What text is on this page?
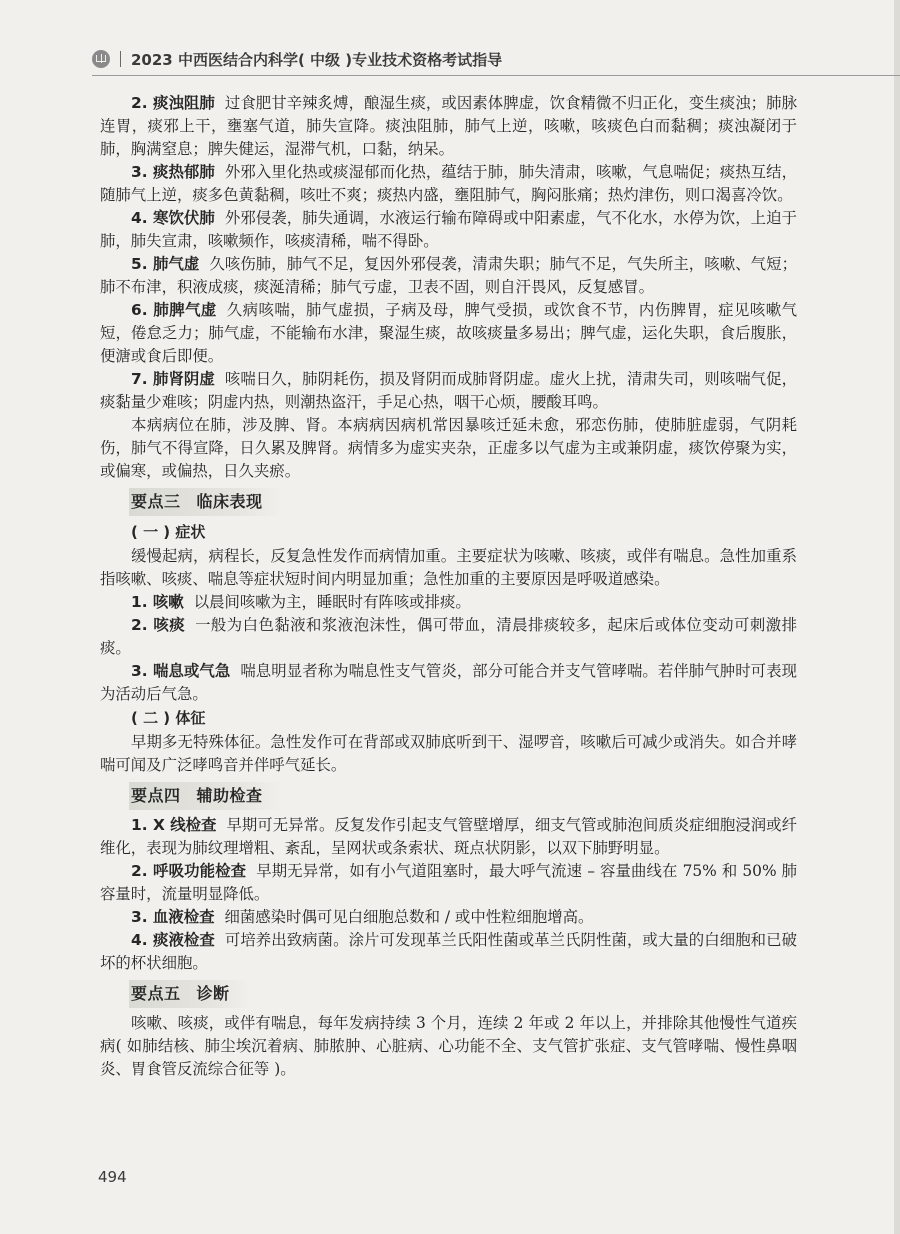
2023 中西医结合内科学( 中级 )专业技术资格考试指导

2. 痰浊阻肺 过食肥甘辛辣炙煿，酿湿生痰，或因素体脾虚，饮食精微不归正化，变生痰浊；肺脉连胃，痰邪上干，壅塞气道，肺失宣降。痰浊阻肺，肺气上逆，咳嗽，咳痰色白而黏稠；痰浊凝闭于肺，胸满窒息；脾失健运，湿滞气机，口黏，纳呆。

3. 痰热郁肺 外邪入里化热或痰湿郁而化热，蕴结于肺，肺失清肃，咳嗽，气息喘促；痰热互结，随肺气上逆，痰多色黄黏稠，咳吐不爽；痰热内盛，壅阻肺气，胸闷胀痛；热灼津伤，则口渴喜冷饮。

4. 寒饮伏肺 外邪侵袭，肺失通调，水液运行输布障碍或中阳素虚，气不化水，水停为饮，上迫于肺，肺失宣肃，咳嗽频作，咳痰清稀，喘不得卧。

5. 肺气虚 久咳伤肺，肺气不足，复因外邪侵袭，清肃失职；肺气不足，气失所主，咳嗽、气短；肺不布津，积液成痰，痰涎清稀；肺气亏虚，卫表不固，则自汗畏风，反复感冒。

6. 肺脾气虚 久病咳喘，肺气虚损，子病及母，脾气受损，或饮食不节，内伤脾胃，症见咳嗽气短，倦怠乏力；肺气虚，不能输布水津，聚湿生痰，故咳痰量多易出；脾气虚，运化失职，食后腹胀，便溏或食后即便。

7. 肺肾阴虚 咳喘日久，肺阴耗伤，损及肾阴而成肺肾阴虚。虚火上扰，清肃失司，则咳喘气促，痰黏量少难咳；阴虚内热，则潮热盗汗，手足心热，咽干心烦，腰酸耳鸣。

本病病位在肺，涉及脾、肾。本病病因病机常因暴咳迁延未愈，邪恋伤肺，使肺脏虚弱，气阴耗伤，肺气不得宣降，日久累及脾肾。病情多为虚实夹杂，正虚多以气虚为主或兼阴虚，痰饮停聚为实，或偏寒，或偏热，日久夹瘀。

要点三 临床表现
( 一 ) 症状

缓慢起病，病程长，反复急性发作而病情加重。主要症状为咳嗽、咳痰，或伴有喘息。急性加重系指咳嗽、咳痰、喘息等症状短时间内明显加重；急性加重的主要原因是呼吸道感染。

1. 咳嗽 以晨间咳嗽为主，睡眠时有阵咳或排痰。

2. 咳痰 一般为白色黏液和浆液泡沫性，偶可带血，清晨排痰较多，起床后或体位变动可刺激排痰。

3. 喘息或气急 喘息明显者称为喘息性支气管炎，部分可能合并支气管哮喘。若伴肺气肿时可表现为活动后气急。

( 二 ) 体征

早期多无特殊体征。急性发作可在背部或双肺底听到干、湿啰音，咳嗽后可减少或消失。如合并哮喘可闻及广泛哮鸣音并伴呼气延长。

要点四 辅助检查

1. X 线检查 早期可无异常。反复发作引起支气管壁增厚，细支气管或肺泡间质炎症细胞浸润或纤维化，表现为肺纹理增粗、紊乱，呈网状或条索状、斑点状阴影，以双下肺野明显。

2. 呼吸功能检查 早期无异常，如有小气道阻塞时，最大呼气流速 – 容量曲线在 75% 和 50% 肺容量时，流量明显降低。

3. 血液检查 细菌感染时偶可见白细胞总数和 / 或中性粒细胞增高。

4. 痰液检查 可培养出致病菌。涂片可发现革兰氏阳性菌或革兰氏阴性菌，或大量的白细胞和已破坏的杯状细胞。

要点五 诊断

咳嗽、咳痰，或伴有喘息，每年发病持续 3 个月，连续 2 年或 2 年以上，并排除其他慢性气道疾病( 如肺结核、肺尘埃沉着病、肺脓肿、心脏病、心功能不全、支气管扩张症、支气管哮喘、慢性鼻咽炎、胃食管反流综合征等 )。

494
